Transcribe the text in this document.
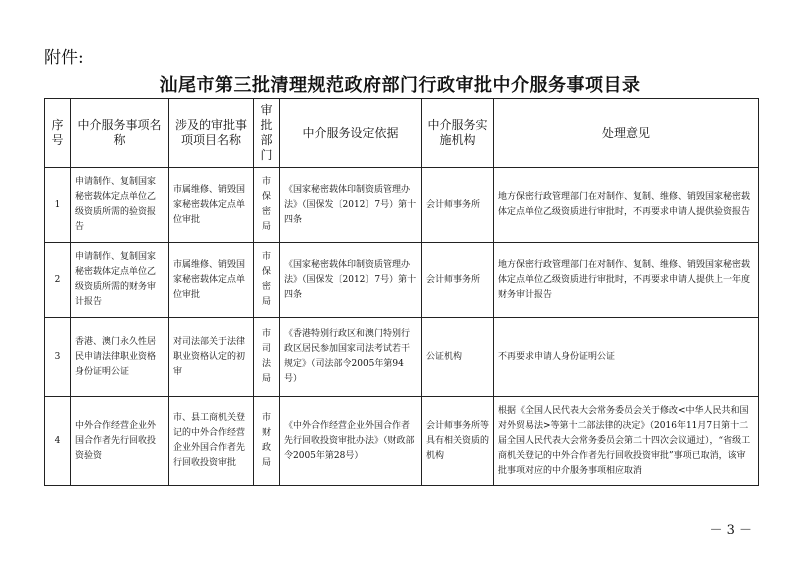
附件:
汕尾市第三批清理规范政府部门行政审批中介服务事项目录
序号	中介服务事项名称	涉及的审批事项项目名称	审批部门	中介服务设定依据	中介服务实施机构	处理意见
1	申请制作、复制国家秘密载体定点单位乙级资质所需的验资报告	市属维修、销毁国家秘密载体定点单位审批	市保密局	《国家秘密载体印制资质管理办法》（国保发〔2012〕7号）第十四条	会计师事务所	地方保密行政管理部门在对制作、复制、维修、销毁国家秘密载体定点单位乙级资质进行审批时，不再要求申请人提供验资报告
2	申请制作、复制国家秘密载体定点单位乙级资质所需的财务审计报告	市属维修、销毁国家秘密载体定点单位审批	市保密局	《国家秘密载体印制资质管理办法》（国保发〔2012〕7号）第十四条	会计师事务所	地方保密行政管理部门在对制作、复制、维修、销毁国家秘密载体定点单位乙级资质进行审批时，不再要求申请人提供上一年度财务审计报告
3	香港、澳门永久性居民申请法律职业资格身份证明公证	对司法部关于法律职业资格认定的初审	市司法局	《香港特别行政区和澳门特别行政区居民参加国家司法考试若干规定》（司法部令2005年第94号）	公证机构	不再要求申请人身份证明公证
4	中外合作经营企业外国合作者先行回收投资验资	市、县工商机关登记的中外合作经营企业外国合作者先行回收投资审批	市财政局	《中外合作经营企业外国合作者先行回收投资审批办法》（财政部令2005年第28号）	会计师事务所等具有相关资质的机构	根据《全国人民代表大会常务委员会关于修改<中华人民共和国对外贸易法>等第十二部法律的决定》（2016年11月7日第十二届全国人民代表大会常务委员会第二十四次会议通过），“省级工商机关登记的中外合作者先行回收投资审批”事项已取消，该审批事项对应的中介服务事项相应取消
－ 3 －
